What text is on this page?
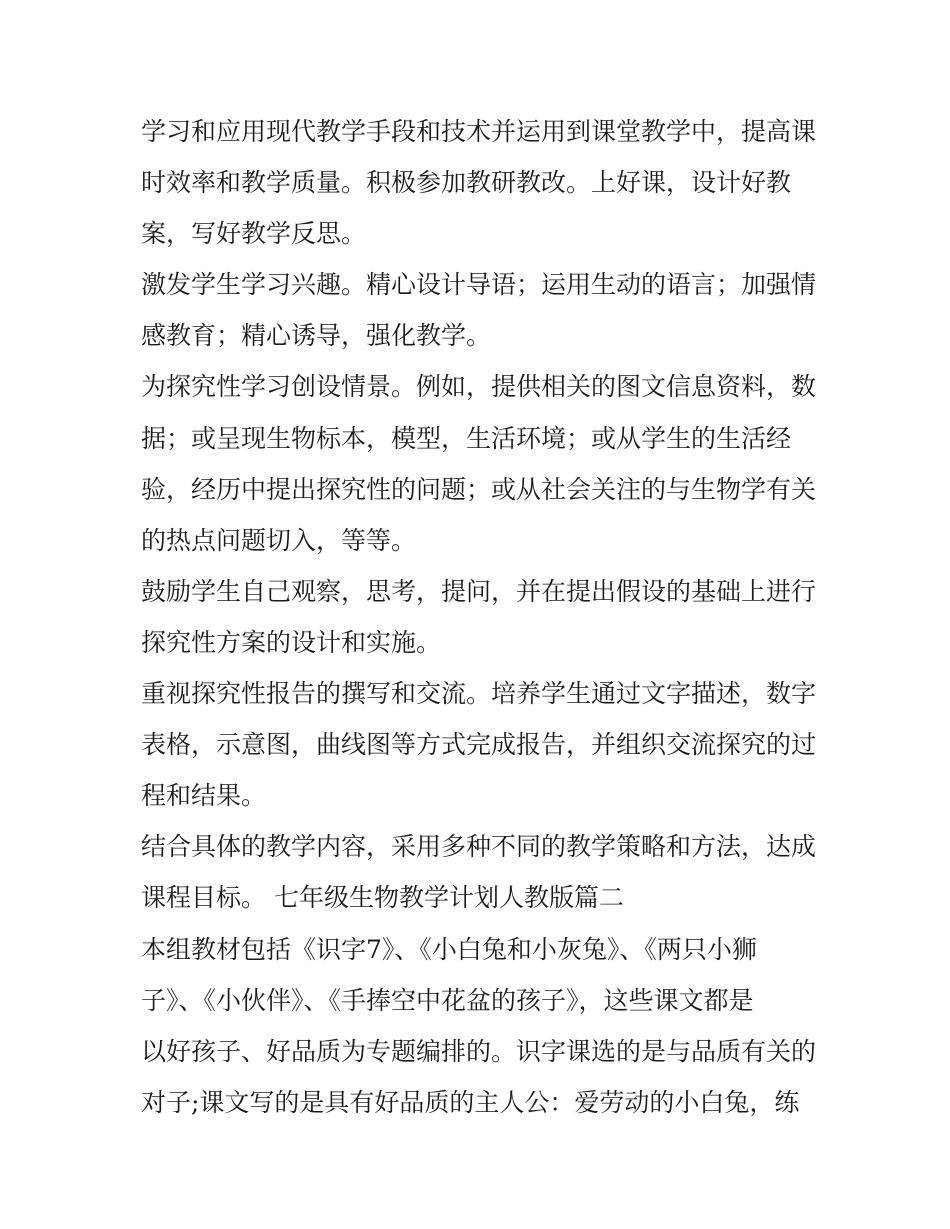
学习和应用现代教学手段和技术并运用到课堂教学中，提高课
时效率和教学质量。积极参加教研教改。上好课，设计好教
案，写好教学反思。
激发学生学习兴趣。精心设计导语；运用生动的语言；加强情
感教育；精心诱导，强化教学。
为探究性学习创设情景。例如，提供相关的图文信息资料，数
据；或呈现生物标本，模型，生活环境；或从学生的生活经
验，经历中提出探究性的问题；或从社会关注的与生物学有关
的热点问题切入，等等。
鼓励学生自己观察，思考，提问，并在提出假设的基础上进行
探究性方案的设计和实施。
重视探究性报告的撰写和交流。培养学生通过文字描述，数字
表格，示意图，曲线图等方式完成报告，并组织交流探究的过
程和结果。
结合具体的教学内容，采用多种不同的教学策略和方法，达成
课程目标。 七年级生物教学计划人教版篇二
本组教材包括《识字7》、《小白兔和小灰兔》、《两只小狮
子》、《小伙伴》、《手捧空中花盆的孩子》，这些课文都是
以好孩子、好品质为专题编排的。识字课选的是与品质有关的
对子;课文写的是具有好品质的主人公：爱劳动的小白兔，练
